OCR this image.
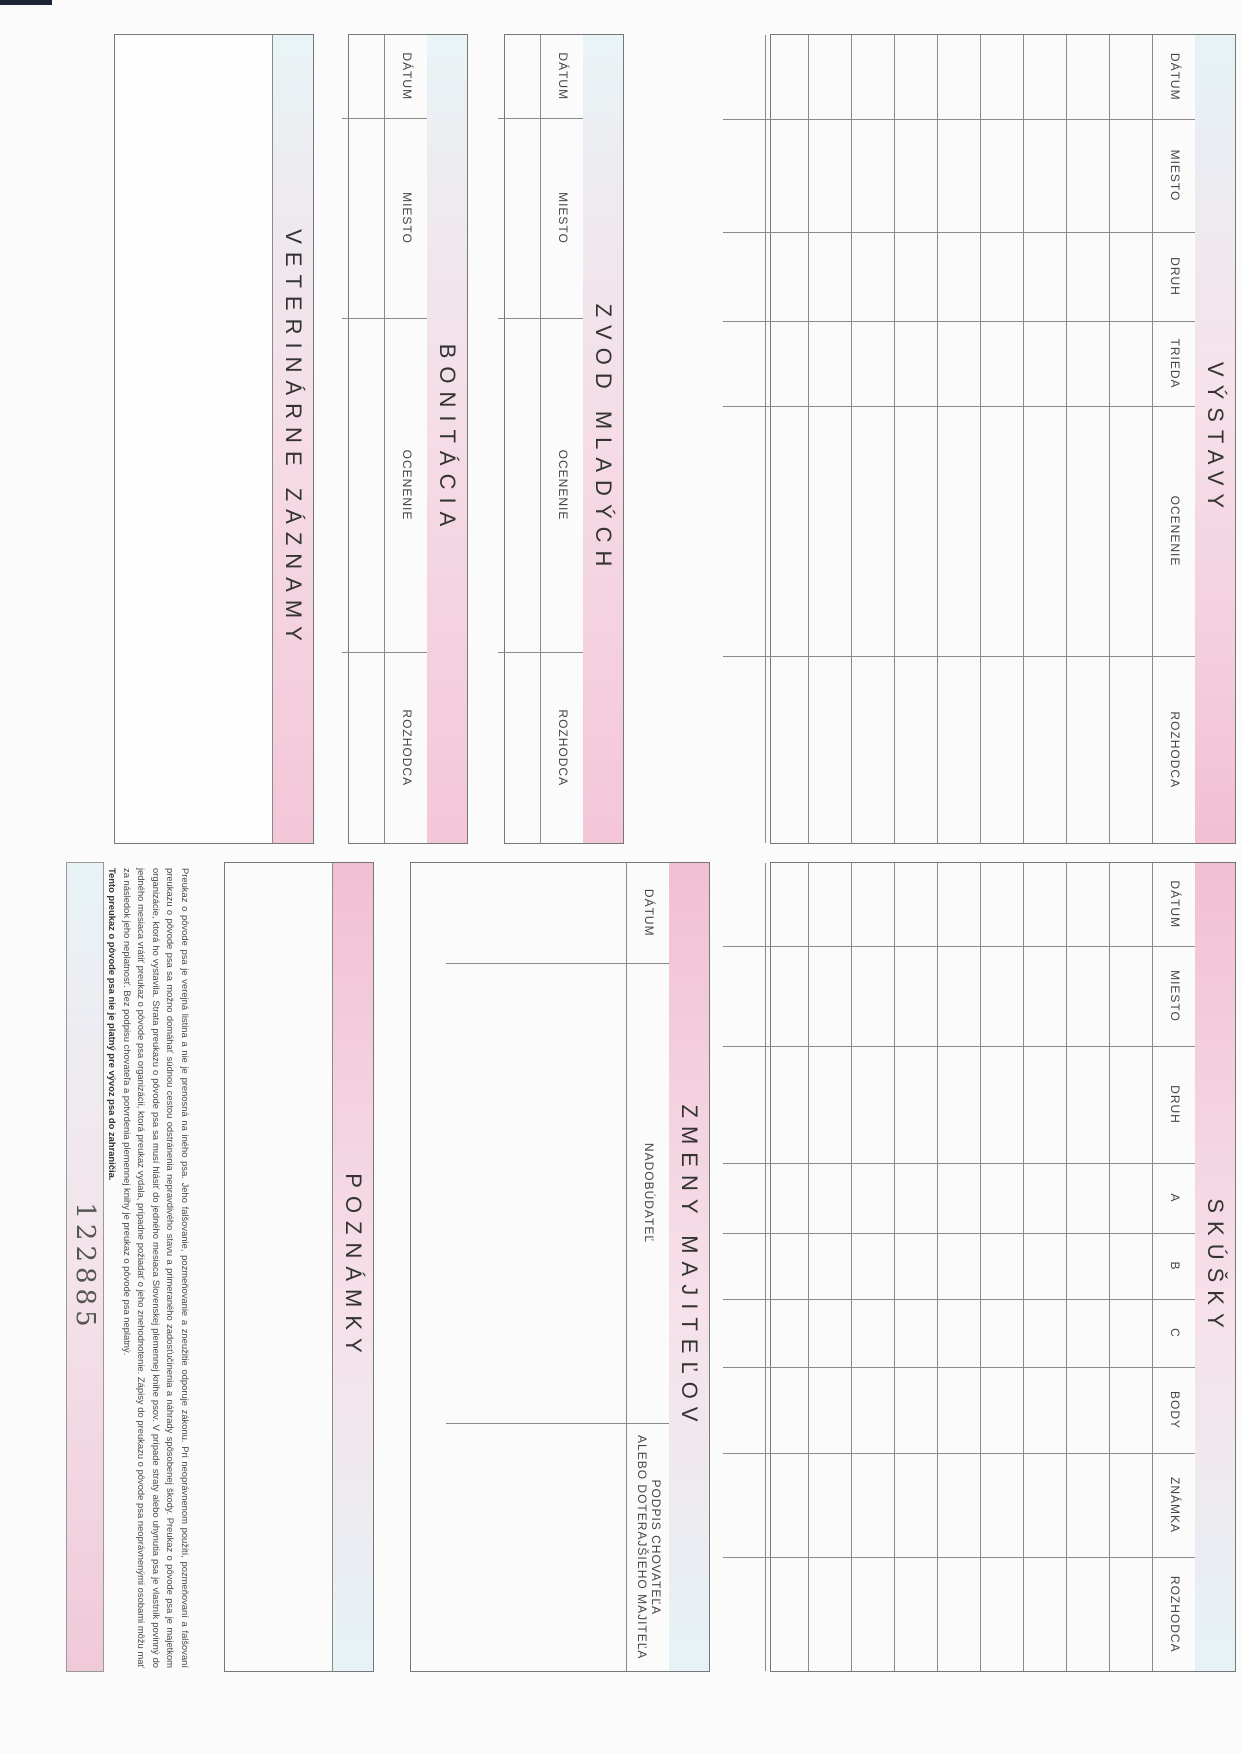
VÝSTAVY
DÁTUM	MIESTO	DRUH	TRIEDA	OCENENIE	ROZHODCA

SKÚŠKY
DÁTUM	MIESTO	DRUH	A	B	C	BODY	ZNÁMKA	ROZHODCA

ZVOD MLADÝCH
DÁTUM	MIESTO	OCENENIE	ROZHODCA

BONITÁCIA
DÁTUM	MIESTO	OCENENIE	ROZHODCA

VETERINÁRNE ZÁZNAMY
ZMENY MAJITEĽOV
DÁTUM	NADOBÚDATEĽ	PODPIS CHOVATEĽA
ALEBO DOTERAJŠIEHO MAJITEĽA

POZNÁMKY
Preukaz o pôvode psa je verejná listina a nie je prenosná na iného psa. Jeho falšovanie, pozmeňovanie a zneužitie odporuje zákonu. Pri neoprávnenom použití, pozmeňovaní a falšovaní preukazu o pôvode psa sa možno domáhať súdnou cestou odstránenia nepravdivého stavu a primeraného zadosťučinenia a náhrady spôsobenej škody. Preukaz o pôvode psa je majetkom organizácie, ktorá ho vystavila. Strata preukazu o pôvode psa sa musí hlásiť do jedného mesiaca Slovenskej plemennej knihe psov. V prípade straty alebo uhynutia psa je vlastník povinný do jedného mesiaca vrátiť preukaz o pôvode psa organizácii, ktorá preukaz vydala, prípadne požiadať o jeho znehodnotenie. Zápisy do preukazu o pôvode psa neoprávnenými osobami môžu mať za následok jeho neplatnosť. Bez podpisu chovateľa a potvrdenia plemennej knihy je preukaz o pôvode psa neplatný.
Tento preukaz o pôvode psa nie je platný pre vývoz psa do zahraničia.
122885
